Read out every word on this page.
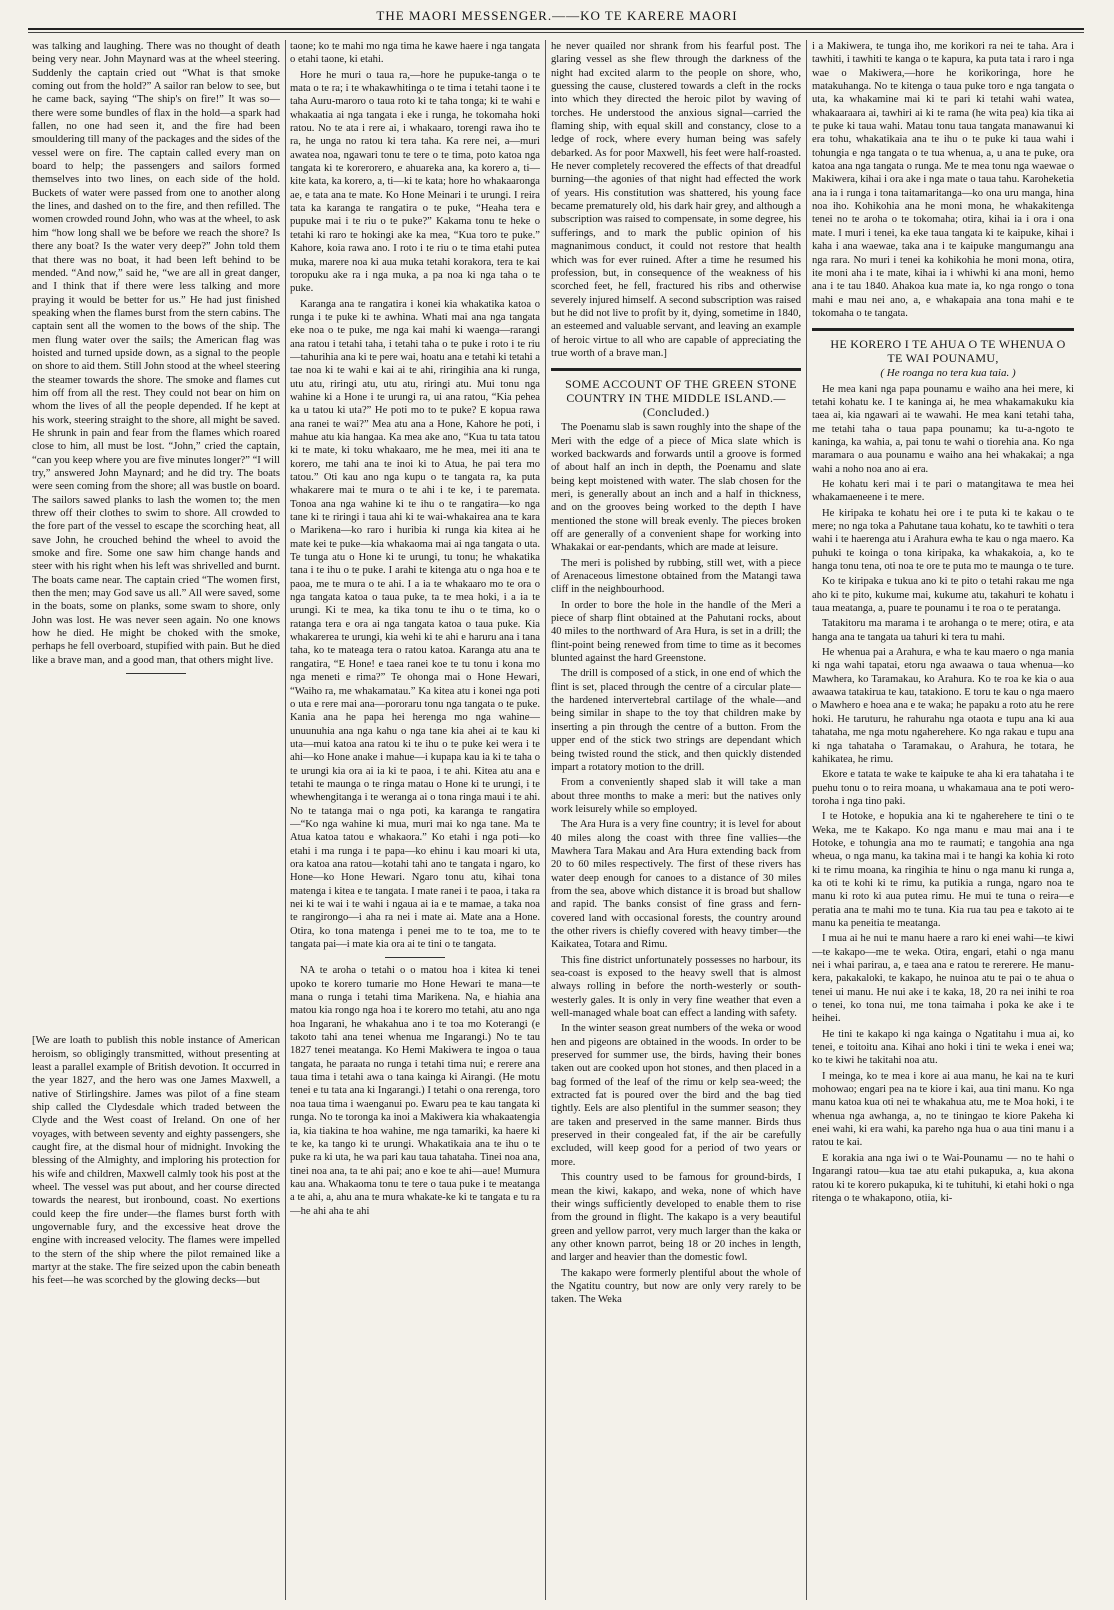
THE MAORI MESSENGER.——KO TE KARERE MAORI

was talking and laughing. There was no thought of death being very near. John Maynard was at the wheel steering. Suddenly the captain cried out “What is that smoke coming out from the hold?” A sailor ran below to see, but he came back, saying “The ship's on fire!” It was so—there were some bundles of flax in the hold—a spark had fallen, no one had seen it, and the fire had been smouldering till many of the packages and the sides of the vessel were on fire. The captain called every man on board to help; the passengers and sailors formed themselves into two lines, on each side of the hold. Buckets of water were passed from one to another along the lines, and dashed on to the fire, and then refilled. The women crowded round John, who was at the wheel, to ask him “how long shall we be before we reach the shore? Is there any boat? Is the water very deep?” John told them that there was no boat, it had been left behind to be mended. “And now,” said he, “we are all in great danger, and I think that if there were less talking and more praying it would be better for us.” He had just finished speaking when the flames burst from the stern cabins. The captain sent all the women to the bows of the ship. The men flung water over the sails; the American flag was hoisted and turned upside down, as a signal to the people on shore to aid them. Still John stood at the wheel steering the steamer towards the shore. The smoke and flames cut him off from all the rest. They could not bear on him on whom the lives of all the people depended. If he kept at his work, steering straight to the shore, all might be saved. He shrunk in pain and fear from the flames which roared close to him, all must be lost. “John,” cried the captain, “can you keep where you are five minutes longer?” “I will try,” answered John Maynard; and he did try. The boats were seen coming from the shore; all was bustle on board. The sailors sawed planks to lash the women to; the men threw off their clothes to swim to shore. All crowded to the fore part of the vessel to escape the scorching heat, all save John, he crouched behind the wheel to avoid the smoke and fire. Some one saw him change hands and steer with his right when his left was shrivelled and burnt. The boats came near. The captain cried “The women first, then the men; may God save us all.” All were saved, some in the boats, some on planks, some swam to shore, only John was lost. He was never seen again. No one knows how he died. He might be choked with the smoke, perhaps he fell overboard, stupified with pain. But he died like a brave man, and a good man, that others might live.

[We are loath to publish this noble instance of American heroism, so obligingly transmitted, without presenting at least a parallel example of British devotion. It occurred in the year 1827, and the hero was one James Maxwell, a native of Stirlingshire. James was pilot of a fine steam ship called the Clydesdale which traded between the Clyde and the West coast of Ireland. On one of her voyages, with between seventy and eighty passengers, she caught fire, at the dismal hour of midnight. Invoking the blessing of the Almighty, and imploring his protection for his wife and children, Maxwell calmly took his post at the wheel. The vessel was put about, and her course directed towards the nearest, but ironbound, coast. No exertions could keep the fire under—the flames burst forth with ungovernable fury, and the excessive heat drove the engine with increased velocity. The flames were impelled to the stern of the ship where the pilot remained like a martyr at the stake. The fire seized upon the cabin beneath his feet—he was scorched by the glowing decks—but

taone; ko te mahi mo nga tima he kawe haere i nga tangata o etahi taone, ki etahi.

Hore he muri o taua ra,—hore he pupuke-tanga o te mata o te ra; i te whakawhitinga o te tima i tetahi taone i te taha Auru-maroro o taua roto ki te taha tonga; ki te wahi e whakaatia ai nga tangata i eke i runga, he tokomaha hoki ratou. No te ata i rere ai, i whakaaro, torengi rawa iho te ra, he unga no ratou ki tera taha. Ka rere nei, a—muri awatea noa, ngawari tonu te tere o te tima, poto katoa nga tangata ki te korerorero, e ahuareka ana, ka korero a, ti—kite kata, ka korero, a, ti—ki te kata; hore ho whakaaronga ae, e tata ana te mate. Ko Hone Meinari i te urungi. I reira tata ka karanga te rangatira o te puke, “Heaha tera e pupuke mai i te riu o te puke?” Kakama tonu te heke o tetahi ki raro te hokingi ake ka mea, “Kua toro te puke.” Kahore, koia rawa ano. I roto i te riu o te tima etahi putea muka, marere noa ki aua muka tetahi korakora, tera te kai toropuku ake ra i nga muka, a pa noa ki nga taha o te puke.

Karanga ana te rangatira i konei kia whakatika katoa o runga i te puke ki te awhina. Whati mai ana nga tangata eke noa o te puke, me nga kai mahi ki waenga—rarangi ana ratou i tetahi taha, i tetahi taha o te puke i roto i te riu—tahurihia ana ki te pere wai, hoatu ana e tetahi ki tetahi a tae noa ki te wahi e kai ai te ahi, riringihia ana ki runga, utu atu, riringi atu, utu atu, riringi atu. Mui tonu nga wahine ki a Hone i te urungi ra, ui ana ratou, “Kia pehea ka u tatou ki uta?” He poti mo to te puke? E kopua rawa ana ranei te wai?” Mea atu ana a Hone, Kahore he poti, i mahue atu kia hangaa. Ka mea ake ano, “Kua tu tata tatou ki te mate, ki toku whakaaro, me he mea, mei iti ana te korero, me tahi ana te inoi ki to Atua, he pai tera mo tatou.” Oti kau ano nga kupu o te tangata ra, ka puta whakarere mai te mura o te ahi i te ke, i te paremata. Tonoa ana nga wahine ki te ihu o te rangatira—ko nga tane ki te riringi i taua ahi ki te wai-whakairea ana te kara o Marikena—ko raro i huribia ki runga kia kitea ai he mate kei te puke—kia whakaoma mai ai nga tangata o uta. Te tunga atu o Hone ki te urungi, tu tonu; he whakatika tana i te ihu o te puke. I arahi te kitenga atu o nga hoa e te paoa, me te mura o te ahi. I a ia te whakaaro mo te ora o nga tangata katoa o taua puke, ta te mea hoki, i a ia te urungi. Ki te mea, ka tika tonu te ihu o te tima, ko o ratanga tera e ora ai nga tangata katoa o taua puke. Kia whakarerea te urungi, kia wehi ki te ahi e haruru ana i tana taha, ko te mateaga tera o ratou katoa. Karanga atu ana te rangatira, “E Hone! e taea ranei koe te tu tonu i kona mo nga meneti e rima?” Te ohonga mai o Hone Hewari, “Waiho ra, me whakamatau.” Ka kitea atu i konei nga poti o uta e rere mai ana—pororaru tonu nga tangata o te puke. Kania ana he papa hei herenga mo nga wahine—unuunuhia ana nga kahu o nga tane kia ahei ai te kau ki uta—mui katoa ana ratou ki te ihu o te puke kei wera i te ahi—ko Hone anake i mahue—i kupapa kau ia ki te taha o te urungi kia ora ai ia ki te paoa, i te ahi. Kitea atu ana e tetahi te maunga o te ringa matau o Hone ki te urungi, i te whewhengitanga i te weranga ai o tona ringa maui i te ahi. No te tatanga mai o nga poti, ka karanga te rangatira—“Ko nga wahine ki mua, muri mai ko nga tane. Ma te Atua katoa tatou e whakaora.” Ko etahi i nga poti—ko etahi i ma runga i te papa—ko ehinu i kau moari ki uta, ora katoa ana ratou—kotahi tahi ano te tangata i ngaro, ko Hone—ko Hone Hewari. Ngaro tonu atu, kihai tona matenga i kitea e te tangata. I mate ranei i te paoa, i taka ra nei ki te wai i te wahi i ngaua ai ia e te mamae, a taka noa te rangirongo—i aha ra nei i mate ai. Mate ana a Hone. Otira, ko tona matenga i penei me to te toa, me to te tangata pai—i mate kia ora ai te tini o te tangata.

NA te aroha o tetahi o o matou hoa i kitea ki tenei upoko te korero tumarie mo Hone Hewari te mana—te mana o runga i tetahi tima Marikena. Na, e hiahia ana matou kia rongo nga hoa i te korero mo tetahi, atu ano nga hoa Ingarani, he whakahua ano i te toa mo Koterangi (e takoto tahi ana tenei whenua me Ingarangi.) No te tau 1827 tenei meatanga. Ko Hemi Makiwera te ingoa o taua tangata, he paraata no runga i tetahi tima nui; e rerere ana taua tima i tetahi awa o tana kainga ki Airangi. (He motu tenei e tu tata ana ki Ingarangi.) I tetahi o ona rerenga, toro noa taua tima i waenganui po. Ewaru pea te kau tangata ki runga. No te toronga ka inoi a Makiwera kia whakaatengia ia, kia tiakina te hoa wahine, me nga tamariki, ka haere ki te ke, ka tango ki te urungi. Whakatikaia ana te ihu o te puke ra ki uta, he wa pari kau taua tahataha. Tinei noa ana, tinei noa ana, ta te ahi pai; ano e koe te ahi—aue! Mumura kau ana. Whakaoma tonu te tere o taua puke i te meatanga a te ahi, a, ahu ana te mura whakate-ke ki te tangata e tu ra—he ahi aha te ahi

he never quailed nor shrank from his fearful post. The glaring vessel as she flew through the darkness of the night had excited alarm to the people on shore, who, guessing the cause, clustered towards a cleft in the rocks into which they directed the heroic pilot by waving of torches. He understood the anxious signal—carried the flaming ship, with equal skill and constancy, close to a ledge of rock, where every human being was safely debarked. As for poor Maxwell, his feet were half-roasted. He never completely recovered the effects of that dreadful burning—the agonies of that night had effected the work of years. His constitution was shattered, his young face became prematurely old, his dark hair grey, and although a subscription was raised to compensate, in some degree, his sufferings, and to mark the public opinion of his magnanimous conduct, it could not restore that health which was for ever ruined. After a time he resumed his profession, but, in consequence of the weakness of his scorched feet, he fell, fractured his ribs and otherwise severely injured himself. A second subscription was raised but he did not live to profit by it, dying, sometime in 1840, an esteemed and valuable servant, and leaving an example of heroic virtue to all who are capable of appreciating the true worth of a brave man.]

SOME ACCOUNT OF THE GREEN STONE COUNTRY IN THE MIDDLE ISLAND.—(Concluded.)

The Poenamu slab is sawn roughly into the shape of the Meri with the edge of a piece of Mica slate which is worked backwards and forwards until a groove is formed of about half an inch in depth, the Poenamu and slate being kept moistened with water. The slab chosen for the meri, is generally about an inch and a half in thickness, and on the grooves being worked to the depth I have mentioned the stone will break evenly. The pieces broken off are generally of a convenient shape for working into Whakakai or ear-pendants, which are made at leisure.

The meri is polished by rubbing, still wet, with a piece of Arenaceous limestone obtained from the Matangi tawa cliff in the neighbourhood.

In order to bore the hole in the handle of the Meri a piece of sharp flint obtained at the Pahutani rocks, about 40 miles to the northward of Ara Hura, is set in a drill; the flint-point being renewed from time to time as it becomes blunted against the hard Greenstone.

The drill is composed of a stick, in one end of which the flint is set, placed through the centre of a circular plate—the hardened intervertebral cartilage of the whale—and being similar in shape to the toy that children make by inserting a pin through the centre of a button. From the upper end of the stick two strings are dependant which being twisted round the stick, and then quickly distended impart a rotatory motion to the drill.

From a conveniently shaped slab it will take a man about three months to make a meri: but the natives only work leisurely while so employed.

The Ara Hura is a very fine country; it is level for about 40 miles along the coast with three fine vallies—the Mawhera Tara Makau and Ara Hura extending back from 20 to 60 miles respectively. The first of these rivers has water deep enough for canoes to a distance of 30 miles from the sea, above which distance it is broad but shallow and rapid. The banks consist of fine grass and fern-covered land with occasional forests, the country around the other rivers is chiefly covered with heavy timber—the Kaikatea, Totara and Rimu.

This fine district unfortunately possesses no harbour, its sea-coast is exposed to the heavy swell that is almost always rolling in before the north-westerly or south-westerly gales. It is only in very fine weather that even a well-managed whale boat can effect a landing with safety.

In the winter season great numbers of the weka or wood hen and pigeons are obtained in the woods. In order to be preserved for summer use, the birds, having their bones taken out are cooked upon hot stones, and then placed in a bag formed of the leaf of the rimu or kelp sea-weed; the extracted fat is poured over the bird and the bag tied tightly. Eels are also plentiful in the summer season; they are taken and preserved in the same manner. Birds thus preserved in their congealed fat, if the air be carefully excluded, will keep good for a period of two years or more.

This country used to be famous for ground-birds, I mean the kiwi, kakapo, and weka, none of which have their wings sufficiently developed to enable them to rise from the ground in flight. The kakapo is a very beautiful green and yellow parrot, very much larger than the kaka or any other known parrot, being 18 or 20 inches in length, and larger and heavier than the domestic fowl.

The kakapo were formerly plentiful about the whole of the Ngatitu country, but now are only very rarely to be taken. The Weka

i a Makiwera, te tunga iho, me korikori ra nei te taha. Ara i tawhiti, i tawhiti te kanga o te kapura, ka puta tata i raro i nga wae o Makiwera,—hore he korikoringa, hore he matakuhanga. No te kitenga o taua puke toro e nga tangata o uta, ka whakamine mai ki te pari ki tetahi wahi watea, whakaaraara ai, tawhiri ai ki te rama (he wita pea) kia tika ai te puke ki taua wahi. Matau tonu taua tangata manawanui ki era tohu, whakatikaia ana te ihu o te puke ki taua wahi i tohungia e nga tangata o te tua whenua, a, u ana te puke, ora katoa ana nga tangata o runga. Me te mea tonu nga waewae o Makiwera, kihai i ora ake i nga mate o taua tahu. Karoheketia ana ia i runga i tona taitamaritanga—ko ona uru manga, hina noa iho. Kohikohia ana he moni mona, he whakakitenga tenei no te aroha o te tokomaha; otira, kihai ia i ora i ona mate. I muri i tenei, ka eke taua tangata ki te kaipuke, kihai i kaha i ana waewae, taka ana i te kaipuke mangumangu ana nga rara. No muri i tenei ka kohikohia he moni mona, otira, ite moni aha i te mate, kihai ia i whiwhi ki ana moni, hemo ana i te tau 1840. Ahakoa kua mate ia, ko nga rongo o tona mahi e mau nei ano, a, e whakapaia ana tona mahi e te tokomaha o te tangata.

HE KORERO I TE AHUA O TE WHENUA O TE WAI POUNAMU,

( He roanga no tera kua taia. )

He mea kani nga papa pounamu e waiho ana hei mere, ki tetahi kohatu ke. I te kaninga ai, he mea whakamakuku kia taea ai, kia ngawari ai te wawahi. He mea kani tetahi taha, me tetahi taha o taua papa pounamu; ka tu-a-ngoto te kaninga, ka wahia, a, pai tonu te wahi o tiorehia ana. Ko nga maramara o aua pounamu e waiho ana hei whakakai; a nga wahi a noho noa ano ai era.

He kohatu keri mai i te pari o matangitawa te mea hei whakamaeneene i te mere.

He kiripaka te kohatu hei ore i te puta ki te kakau o te mere; no nga toka a Pahutane taua kohatu, ko te tawhiti o tera wahi i te haerenga atu i Arahura ewha te kau o nga maero. Ka puhuki te koinga o tona kiripaka, ka whakakoia, a, ko te hanga tonu tena, oti noa te ore te puta mo te maunga o te ture.

Ko te kiripaka e tukua ano ki te pito o tetahi rakau me nga aho ki te pito, kukume mai, kukume atu, takahuri te kohatu i taua meatanga, a, puare te pounamu i te roa o te peratanga.

Tatakitoru ma marama i te arohanga o te mere; otira, e ata hanga ana te tangata ua tahuri ki tera tu mahi.

He whenua pai a Arahura, e wha te kau maero o nga mania ki nga wahi tapatai, etoru nga awaawa o taua whenua—ko Mawhera, ko Taramakau, ko Arahura. Ko te roa ke kia o aua awaawa tatakirua te kau, tatakiono. E toru te kau o nga maero o Mawhero e hoea ana e te waka; he papaku a roto atu he rere hoki. He taruturu, he rahurahu nga otaota e tupu ana ki aua tahataha, me nga motu ngaherehere. Ko nga rakau e tupu ana ki nga tahataha o Taramakau, o Arahura, he totara, he kahikatea, he rimu.

Ekore e tatata te wake te kaipuke te aha ki era tahataha i te puehu tonu o to reira moana, u whakamaua ana te poti wero-toroha i nga tino paki.

I te Hotoke, e hopukia ana ki te ngaherehere te tini o te Weka, me te Kakapo. Ko nga manu e mau mai ana i te Hotoke, e tohungia ana mo te raumati; e tangohia ana nga wheua, o nga manu, ka takina mai i te hangi ka kohia ki roto ki te rimu moana, ka ringihia te hinu o nga manu ki runga a, ka oti te kohi ki te rimu, ka putikia a runga, ngaro noa te manu ki roto ki aua putea rimu. He mui te tuna o reira—e peratia ana te mahi mo te tuna. Kia rua tau pea e takoto ai te manu ka peneitia te meatanga.

I mua ai he nui te manu haere a raro ki enei wahi—te kiwi—te kakapo—me te weka. Otira, engari, etahi o nga manu nei i whai parirau, a, e taea ana e ratou te rererere. He manu-kera, pakakaloki, te kakapo, he nuinoa atu te pai o te ahua o tenei ui manu. He nui ake i te kaka, 18, 20 ra nei inihi te roa o tenei, ko tona nui, me tona taimaha i poka ke ake i te heihei.

He tini te kakapo ki nga kainga o Ngatitahu i mua ai, ko tenei, e toitoitu ana. Kihai ano hoki i tini te weka i enei wa; ko te kiwi he takitahi noa atu.

I meinga, ko te mea i kore ai aua manu, he kai na te kuri mohowao; engari pea na te kiore i kai, aua tini manu. Ko nga manu katoa kua oti nei te whakahua atu, me te Moa hoki, i te whenua nga awhanga, a, no te tiningao te kiore Pakeha ki enei wahi, ki era wahi, ka pareho nga hua o aua tini manu i a ratou te kai.

E korakia ana nga iwi o te Wai-Pounamu — no te hahi o Ingarangi ratou—kua tae atu etahi pukapuka, a, kua akona ratou ki te korero pukapuka, ki te tuhituhi, ki etahi hoki o nga ritenga o te whakapono, otiia, ki-
